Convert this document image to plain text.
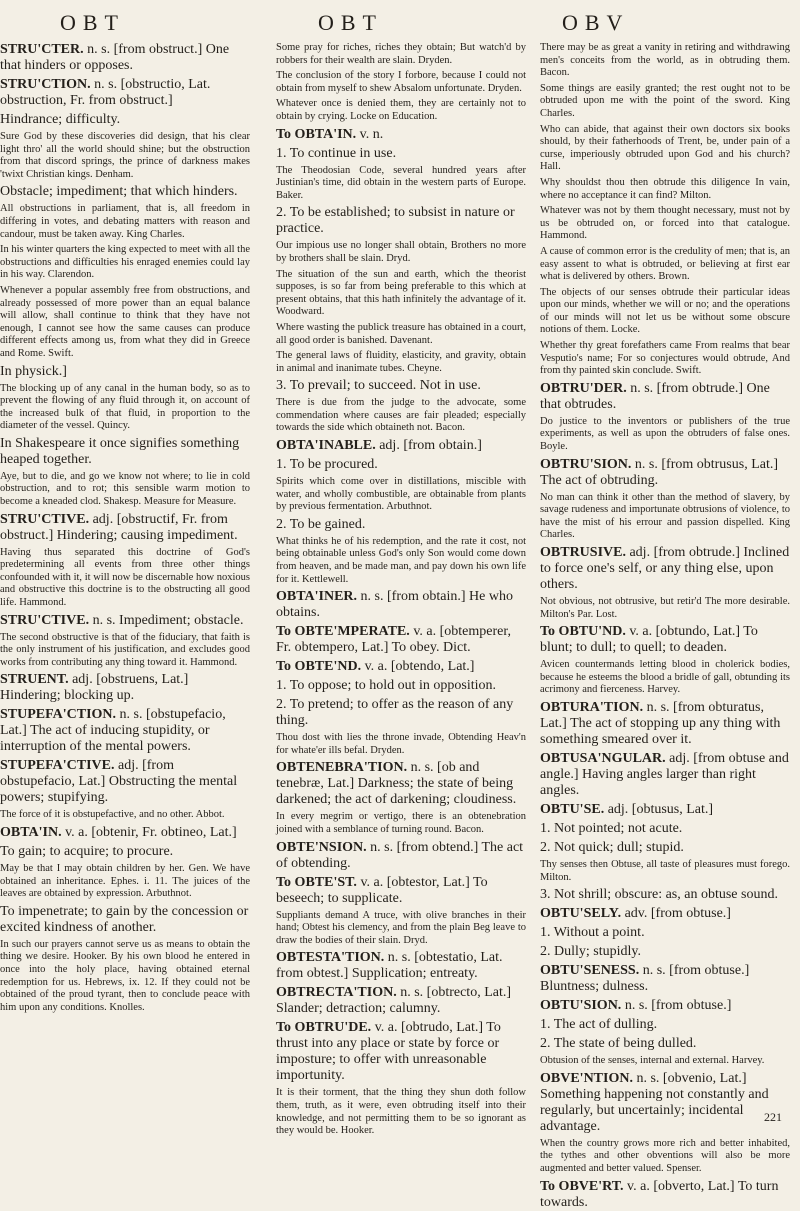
OBT	OBT	OBV
STRU'CTER. n. s. [from obstruct.] One that hinders or opposes.
STRU'CTION. n. s. [obstructio, Lat. obstruction, Fr. from obstruct.]
Hindrance; difficulty.
Sure God by these discoveries did design, that his clear light thro' all the world should shine; but the obstruction from that discord springs, the prince of darkness makes 'twixt Christian kings. Denham.
Obstacle; impediment; that which hinders.
All obstructions in parliament, that is, all freedom in differing in votes, and debating matters with reason and candour, must be taken away. King Charles.
In his winter quarters the king expected to meet with all the obstructions and difficulties his enraged enemies could lay in his way. Clarendon.
Whenever a popular assembly free from obstructions, and already possessed of more power than an equal balance will allow, shall continue to think that they have not enough, I cannot see how the same causes can produce different effects among us, from what they did in Greece and Rome. Swift.
In physick.]
The blocking up of any canal in the human body, so as to prevent the flowing of any fluid through it, on account of the increased bulk of that fluid, in proportion to the diameter of the vessel. Quincy.
In Shakespeare it once signifies something heaped together.
Aye, but to die, and go we know not where; to lie in cold obstruction, and to rot; this sensible warm motion to become a kneaded clod. Shakesp. Measure for Measure.
STRU'CTIVE. adj. [obstructif, Fr. from obstruct.] Hindering; causing impediment.
Having thus separated this doctrine of God's predetermining all events from three other things confounded with it, it will now be discernable how noxious and obstructive this doctrine is to the obstructing all good life. Hammond.
STRU'CTIVE. n. s. Impediment; obstacle.
The second obstructive is that of the fiduciary, that faith is the only instrument of his justification, and excludes good works from contributing any thing toward it. Hammond.
STRUENT. adj. [obstruens, Lat.] Hindering; blocking up.
STUPEFA'CTION. n. s. [obstupefacio, Lat.] The act of inducing stupidity, or interruption of the mental powers.
STUPEFA'CTIVE. adj. [from obstupefacio, Lat.] Obstructing the mental powers; stupifying.
The force of it is obstupefactive, and no other. Abbot.
OBTA'IN. v. a. [obtenir, Fr. obtineo, Lat.]
To gain; to acquire; to procure.
May be that I may obtain children by her. Gen. We have obtained an inheritance. Ephes. i. 11. The juices of the leaves are obtained by expression. Arbuthnot.
To impenetrate; to gain by the concession or excited kindness of another.
In such our prayers cannot serve us as means to obtain the thing we desire. Hooker. By his own blood he entered in once into the holy place, having obtained eternal redemption for us. Hebrews, ix. 12. If they could not be obtained of the proud tyrant, then to conclude peace with him upon any conditions. Knolles.
Some pray for riches, riches they obtain; But watch'd by robbers for their wealth are slain. Dryden.
The conclusion of the story I forbore, because I could not obtain from myself to shew Absalom unfortunate. Dryden.
Whatever once is denied them, they are certainly not to obtain by crying. Locke on Education.
To OBTA'IN. v. n.
1. To continue in use.
The Theodosian Code, several hundred years after Justinian's time, did obtain in the western parts of Europe. Baker.
2. To be established; to subsist in nature or practice.
Our impious use no longer shall obtain, Brothers no more by brothers shall be slain. Dryd.
The situation of the sun and earth, which the theorist supposes, is so far from being preferable to this which at present obtains, that this hath infinitely the advantage of it. Woodward.
Where wasting the publick treasure has obtained in a court, all good order is banished. Davenant.
The general laws of fluidity, elasticity, and gravity, obtain in animal and inanimate tubes. Cheyne.
3. To prevail; to succeed. Not in use.
There is due from the judge to the advocate, some commendation where causes are fair pleaded; especially towards the side which obtaineth not. Bacon.
OBTA'INABLE. adj. [from obtain.]
1. To be procured.
Spirits which come over in distillations, miscible with water, and wholly combustible, are obtainable from plants by previous fermentation. Arbuthnot.
2. To be gained.
What thinks he of his redemption, and the rate it cost, not being obtainable unless God's only Son would come down from heaven, and be made man, and pay down his own life for it. Kettlewell.
OBTA'INER. n. s. [from obtain.] He who obtains.
To OBTE'MPERATE. v. a. [obtemperer, Fr. obtempero, Lat.] To obey. Dict.
To OBTE'ND. v. a. [obtendo, Lat.]
1. To oppose; to hold out in opposition.
2. To pretend; to offer as the reason of any thing.
Thou dost with lies the throne invade, Obtending Heav'n for whate'er ills befal. Dryden.
OBTENEBRA'TION. n. s. [ob and tenebræ, Lat.] Darkness; the state of being darkened; the act of darkening; cloudiness.
In every megrim or vertigo, there is an obtenebration joined with a semblance of turning round. Bacon.
OBTE'NSION. n. s. [from obtend.] The act of obtending.
To OBTE'ST. v. a. [obtestor, Lat.] To beseech; to supplicate.
Suppliants demand A truce, with olive branches in their hand; Obtest his clemency, and from the plain Beg leave to draw the bodies of their slain. Dryd.
OBTESTA'TION. n. s. [obtestatio, Lat. from obtest.] Supplication; entreaty.
OBTRECTA'TION. n. s. [obtrecto, Lat.] Slander; detraction; calumny.
To OBTRU'DE. v. a. [obtrudo, Lat.] To thrust into any place or state by force or imposture; to offer with unreasonable importunity.
It is their torment, that the thing they shun doth follow them, truth, as it were, even obtruding itself into their knowledge, and not permitting them to be so ignorant as they would be. Hooker.
There may be as great a vanity in retiring and withdrawing men's conceits from the world, as in obtruding them. Bacon.
Some things are easily granted; the rest ought not to be obtruded upon me with the point of the sword. King Charles.
Who can abide, that against their own doctors six books should, by their fatherhoods of Trent, be, under pain of a curse, imperiously obtruded upon God and his church? Hall.
Why shouldst thou then obtrude this diligence In vain, where no acceptance it can find? Milton.
Whatever was not by them thought necessary, must not by us be obtruded on, or forced into that catalogue. Hammond.
A cause of common error is the credulity of men; that is, an easy assent to what is obtruded, or believing at first ear what is delivered by others. Brown.
The objects of our senses obtrude their particular ideas upon our minds, whether we will or no; and the operations of our minds will not let us be without some obscure notions of them. Locke.
Whether thy great forefathers came From realms that bear Vesputio's name; For so conjectures would obtrude, And from thy painted skin conclude. Swift.
OBTRU'DER. n. s. [from obtrude.] One that obtrudes.
Do justice to the inventors or publishers of the true experiments, as well as upon the obtruders of false ones. Boyle.
OBTRU'SION. n. s. [from obtrusus, Lat.] The act of obtruding.
No man can think it other than the method of slavery, by savage rudeness and importunate obtrusions of violence, to have the mist of his errour and passion dispelled. King Charles.
OBTRUSIVE. adj. [from obtrude.] Inclined to force one's self, or any thing else, upon others.
Not obvious, not obtrusive, but retir'd The more desirable. Milton's Par. Lost.
To OBTU'ND. v. a. [obtundo, Lat.] To blunt; to dull; to quell; to deaden.
Avicen countermands letting blood in cholerick bodies, because he esteems the blood a bridle of gall, obtunding its acrimony and fierceness. Harvey.
OBTURA'TION. n. s. [from obturatus, Lat.] The act of stopping up any thing with something smeared over it.
OBTUSA'NGULAR. adj. [from obtuse and angle.] Having angles larger than right angles.
OBTU'SE. adj. [obtusus, Lat.]
1. Not pointed; not acute.
2. Not quick; dull; stupid.
Thy senses then Obtuse, all taste of pleasures must forego. Milton.
3. Not shrill; obscure: as, an obtuse sound.
OBTU'SELY. adv. [from obtuse.]
1. Without a point.
2. Dully; stupidly.
OBTU'SENESS. n. s. [from obtuse.] Bluntness; dulness.
OBTU'SION. n. s. [from obtuse.]
1. The act of dulling.
2. The state of being dulled.
Obtusion of the senses, internal and external. Harvey.
OBVE'NTION. n. s. [obvenio, Lat.] Something happening not constantly and regularly, but uncertainly; incidental advantage.
When the country grows more rich and better inhabited, the tythes and other obventions will also be more augmented and better valued. Spenser.
To OBVE'RT. v. a. [obverto, Lat.] To turn towards.
221
